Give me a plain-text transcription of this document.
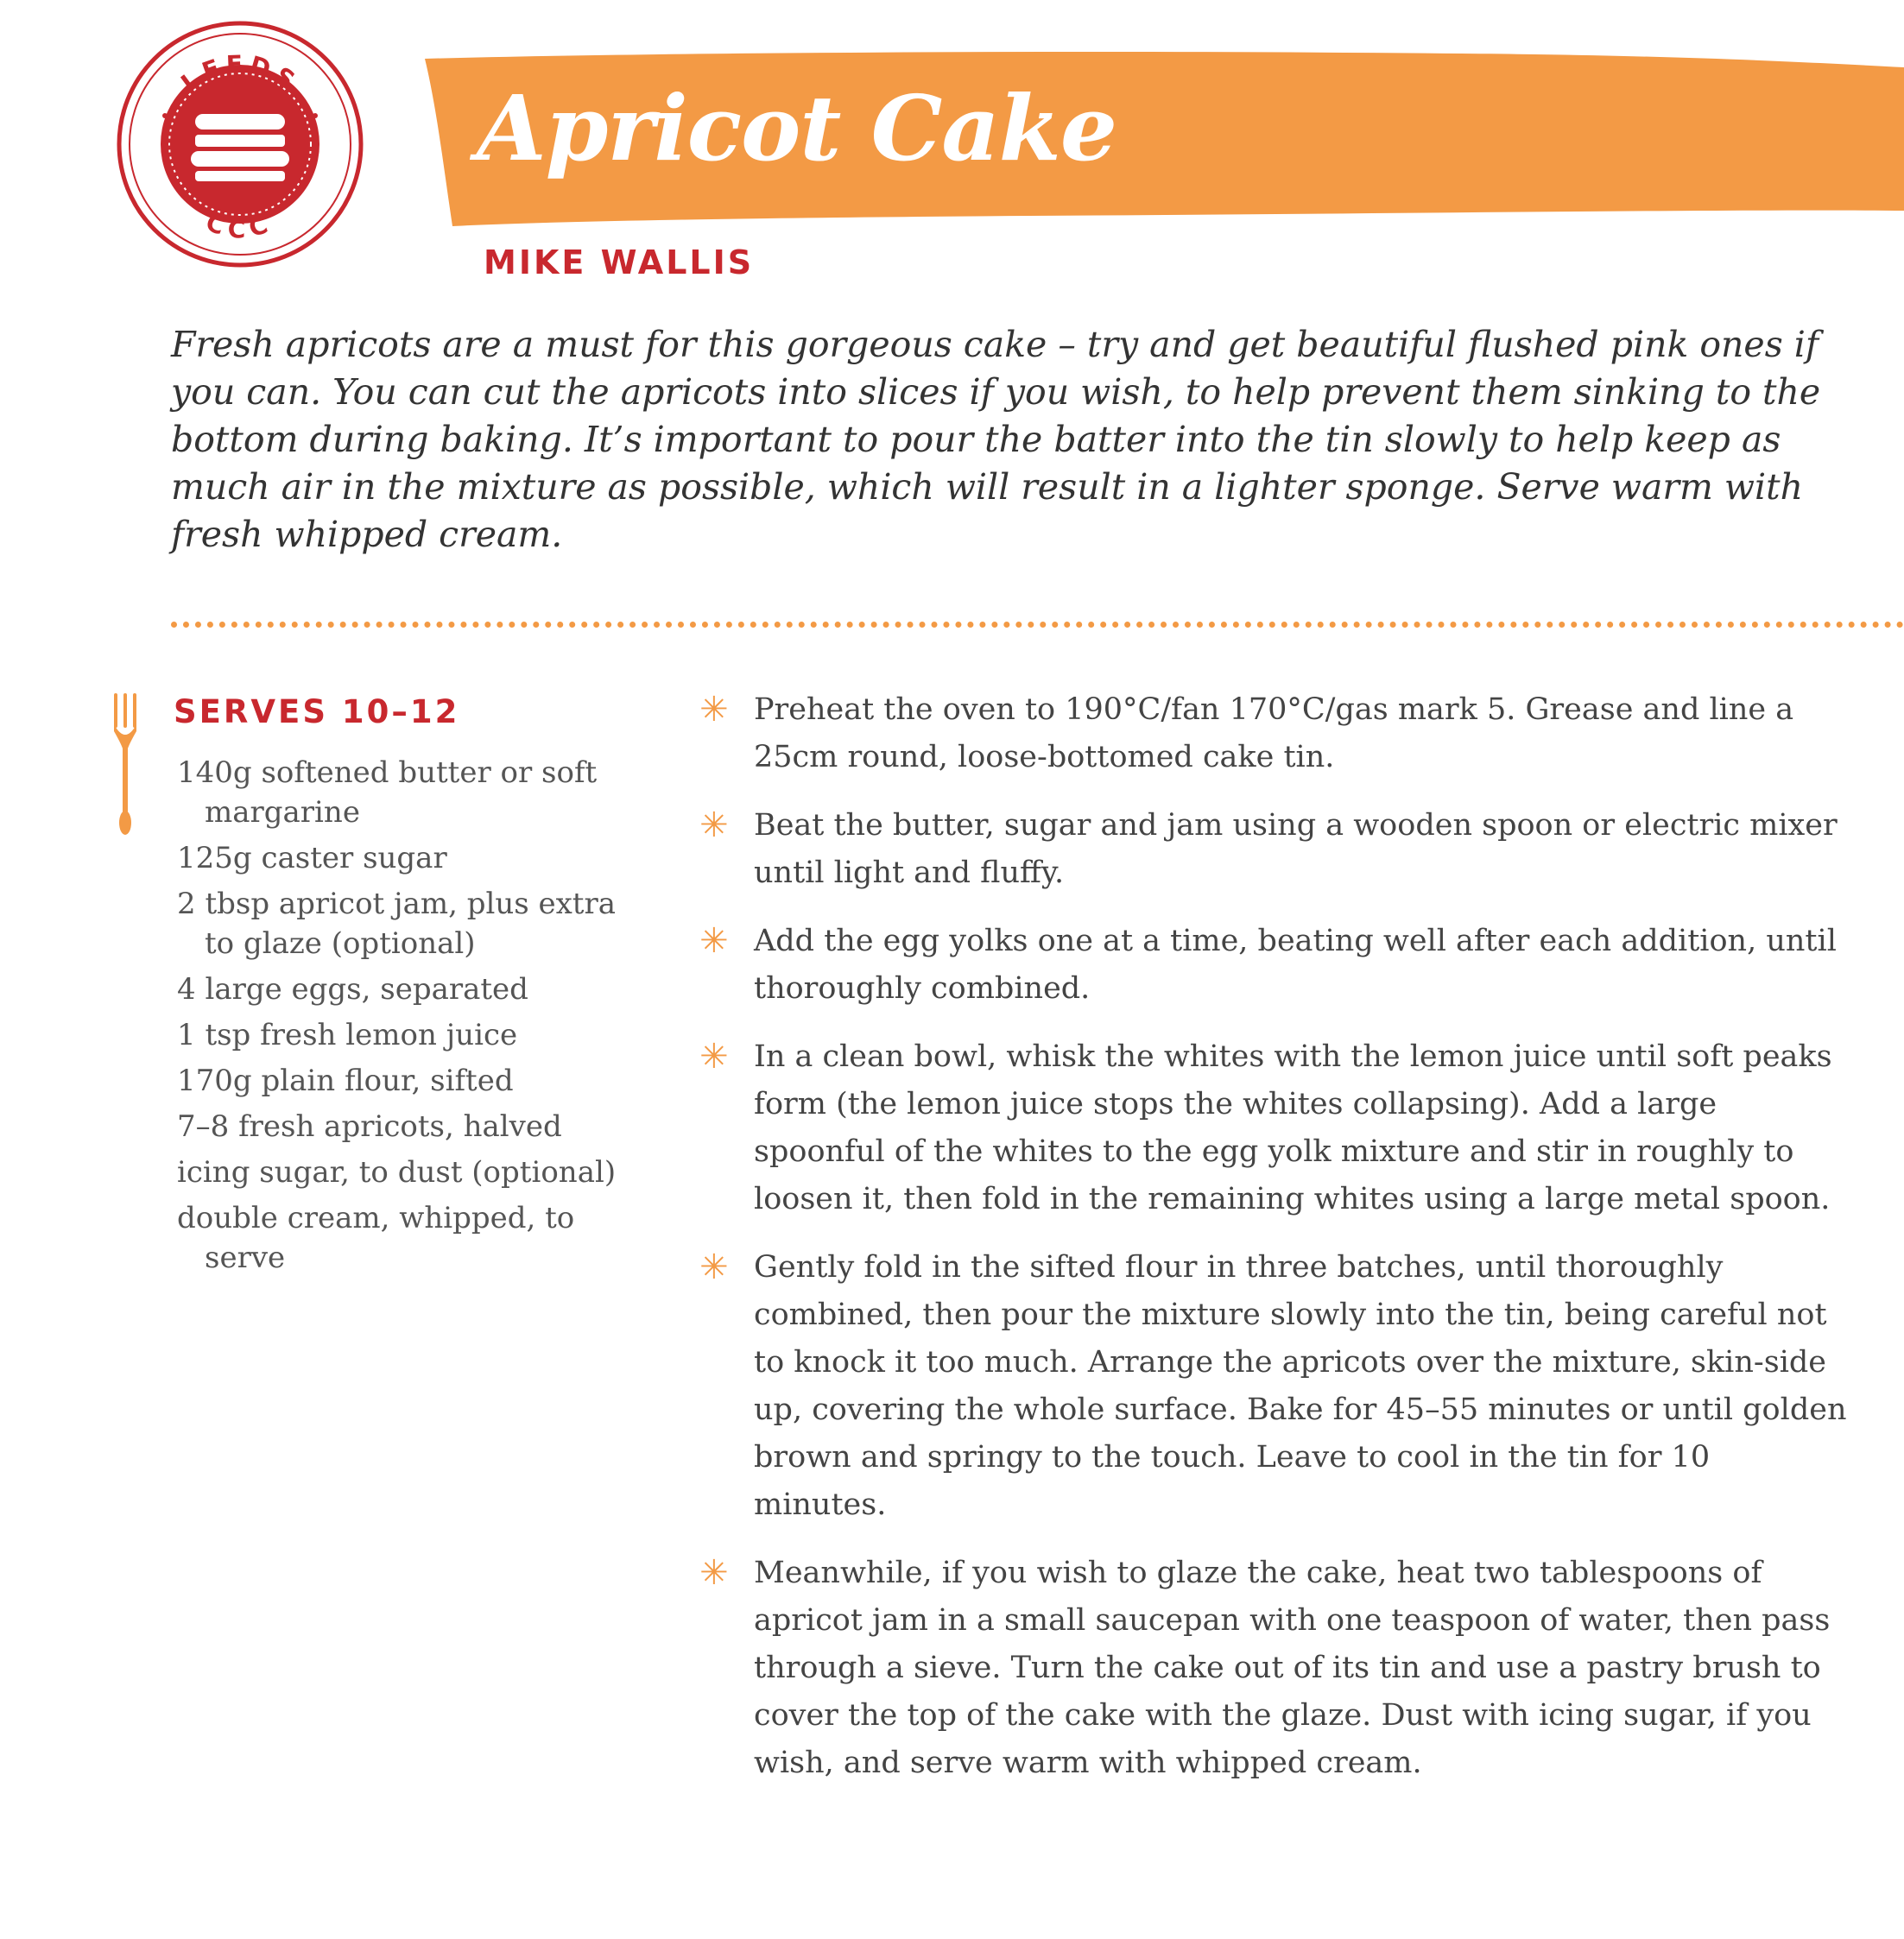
LEEDS
CCC
Apricot Cake
MIKE WALLIS

Fresh apricots are a must for this gorgeous cake – try and get beautiful flushed pink ones if you can. You can cut the apricots into slices if you wish, to help prevent them sinking to the bottom during baking. It’s important to pour the batter into the tin slowly to help keep as much air in the mixture as possible, which will result in a lighter sponge. Serve warm with fresh whipped cream.

SERVES 10–12
140g softened butter or soft margarine
125g caster sugar
2 tbsp apricot jam, plus extra to glaze (optional)
4 large eggs, separated
1 tsp fresh lemon juice
170g plain flour, sifted
7–8 fresh apricots, halved
icing sugar, to dust (optional)
double cream, whipped, to serve
✳ Preheat the oven to 190°C/fan 170°C/gas mark 5. Grease and line a 25cm round, loose-bottomed cake tin.
✳ Beat the butter, sugar and jam using a wooden spoon or electric mixer until light and fluffy.
✳ Add the egg yolks one at a time, beating well after each addition, until thoroughly combined.
✳ In a clean bowl, whisk the whites with the lemon juice until soft peaks form (the lemon juice stops the whites collapsing). Add a large spoonful of the whites to the egg yolk mixture and stir in roughly to loosen it, then fold in the remaining whites using a large metal spoon.
✳ Gently fold in the sifted flour in three batches, until thoroughly combined, then pour the mixture slowly into the tin, being careful not to knock it too much. Arrange the apricots over the mixture, skin-side up, covering the whole surface. Bake for 45–55 minutes or until golden brown and springy to the touch. Leave to cool in the tin for 10 minutes.
✳ Meanwhile, if you wish to glaze the cake, heat two tablespoons of apricot jam in a small saucepan with one teaspoon of water, then pass through a sieve. Turn the cake out of its tin and use a pastry brush to cover the top of the cake with the glaze. Dust with icing sugar, if you wish, and serve warm with whipped cream.
